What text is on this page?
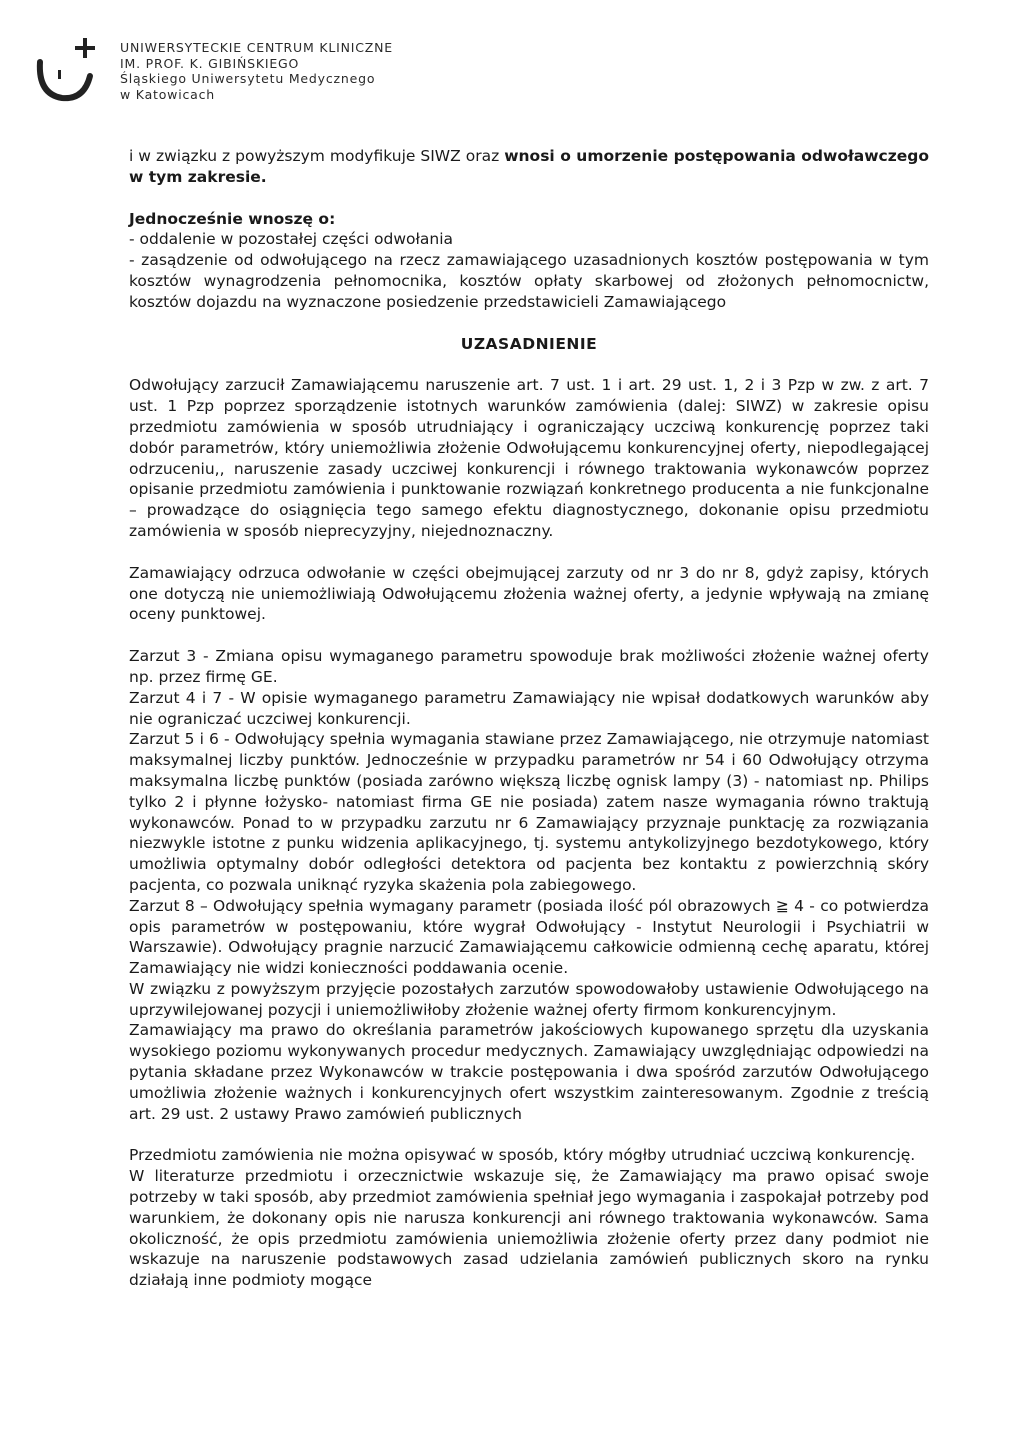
UNIWERSYTECKIE CENTRUM KLINICZNE
IM. PROF. K. GIBIŃSKIEGO
Śląskiego Uniwersytetu Medycznego
w Katowicach

i w związku z powyższym modyfikuje SIWZ oraz wnosi o umorzenie postępowania odwoławczego w tym zakresie.

Jednocześnie wnoszę o:

- oddalenie w pozostałej części odwołania

- zasądzenie od odwołującego na rzecz zamawiającego uzasadnionych kosztów postępowania w tym kosztów wynagrodzenia pełnomocnika, kosztów opłaty skarbowej od złożonych pełnomocnictw, kosztów dojazdu na wyznaczone posiedzenie przedstawicieli Zamawiającego

UZASADNIENIE

Odwołujący zarzucił Zamawiającemu naruszenie art. 7 ust. 1 i art. 29 ust. 1, 2 i 3 Pzp w zw. z art. 7 ust. 1 Pzp poprzez sporządzenie istotnych warunków zamówienia (dalej: SIWZ) w zakresie opisu przedmiotu zamówienia w sposób utrudniający i ograniczający uczciwą konkurencję poprzez taki dobór parametrów, który uniemożliwia złożenie Odwołującemu konkurencyjnej oferty, niepodlegającej odrzuceniu,, naruszenie zasady uczciwej konkurencji i równego traktowania wykonawców poprzez opisanie przedmiotu zamówienia i punktowanie rozwiązań konkretnego producenta a nie funkcjonalne – prowadzące do osiągnięcia tego samego efektu diagnostycznego, dokonanie opisu przedmiotu zamówienia w sposób nieprecyzyjny, niejednoznaczny.

Zamawiający odrzuca odwołanie w części obejmującej zarzuty od nr 3 do nr 8, gdyż zapisy, których one dotyczą nie uniemożliwiają Odwołującemu złożenia ważnej oferty, a jedynie wpływają na zmianę oceny punktowej.

Zarzut 3 - Zmiana opisu wymaganego parametru spowoduje brak możliwości złożenie ważnej oferty np. przez firmę GE.

Zarzut 4 i 7 - W opisie wymaganego parametru Zamawiający nie wpisał dodatkowych warunków aby nie ograniczać uczciwej konkurencji.

Zarzut 5 i 6 - Odwołujący spełnia wymagania stawiane przez Zamawiającego, nie otrzymuje natomiast maksymalnej liczby punktów. Jednocześnie w przypadku parametrów nr 54 i 60 Odwołujący otrzyma maksymalna liczbę punktów (posiada zarówno większą liczbę ognisk lampy (3) - natomiast np. Philips tylko 2 i płynne łożysko- natomiast firma GE nie posiada) zatem nasze wymagania równo traktują wykonawców. Ponad to w przypadku zarzutu nr 6 Zamawiający przyznaje punktację za rozwiązania niezwykle istotne z punku widzenia aplikacyjnego, tj. systemu antykolizyjnego bezdotykowego, który umożliwia optymalny dobór odległości detektora od pacjenta bez kontaktu z powierzchnią skóry pacjenta, co pozwala uniknąć ryzyka skażenia pola zabiegowego.

Zarzut 8 – Odwołujący spełnia wymagany parametr (posiada ilość pól obrazowych ≧ 4 - co potwierdza opis parametrów w postępowaniu, które wygrał Odwołujący - Instytut Neurologii i Psychiatrii w Warszawie). Odwołujący pragnie narzucić Zamawiającemu całkowicie odmienną cechę aparatu, której Zamawiający nie widzi konieczności poddawania ocenie.

W związku z powyższym przyjęcie pozostałych zarzutów spowodowałoby ustawienie Odwołującego na uprzywilejowanej pozycji i uniemożliwiłoby złożenie ważnej oferty firmom konkurencyjnym.

Zamawiający ma prawo do określania parametrów jakościowych kupowanego sprzętu dla uzyskania wysokiego poziomu wykonywanych procedur medycznych. Zamawiający uwzględniając odpowiedzi na pytania składane przez Wykonawców w trakcie postępowania i dwa spośród zarzutów Odwołującego umożliwia złożenie ważnych i konkurencyjnych ofert wszystkim zainteresowanym. Zgodnie z treścią art. 29 ust. 2 ustawy Prawo zamówień publicznych

Przedmiotu zamówienia nie można opisywać w sposób, który mógłby utrudniać uczciwą konkurencję.

W literaturze przedmiotu i orzecznictwie wskazuje się, że Zamawiający ma prawo opisać swoje potrzeby w taki sposób, aby przedmiot zamówienia spełniał jego wymagania i zaspokajał potrzeby pod warunkiem, że dokonany opis nie narusza konkurencji ani równego traktowania wykonawców. Sama okoliczność, że opis przedmiotu zamówienia uniemożliwia złożenie oferty przez dany podmiot nie wskazuje na naruszenie podstawowych zasad udzielania zamówień publicznych skoro na rynku działają inne podmioty mogące
